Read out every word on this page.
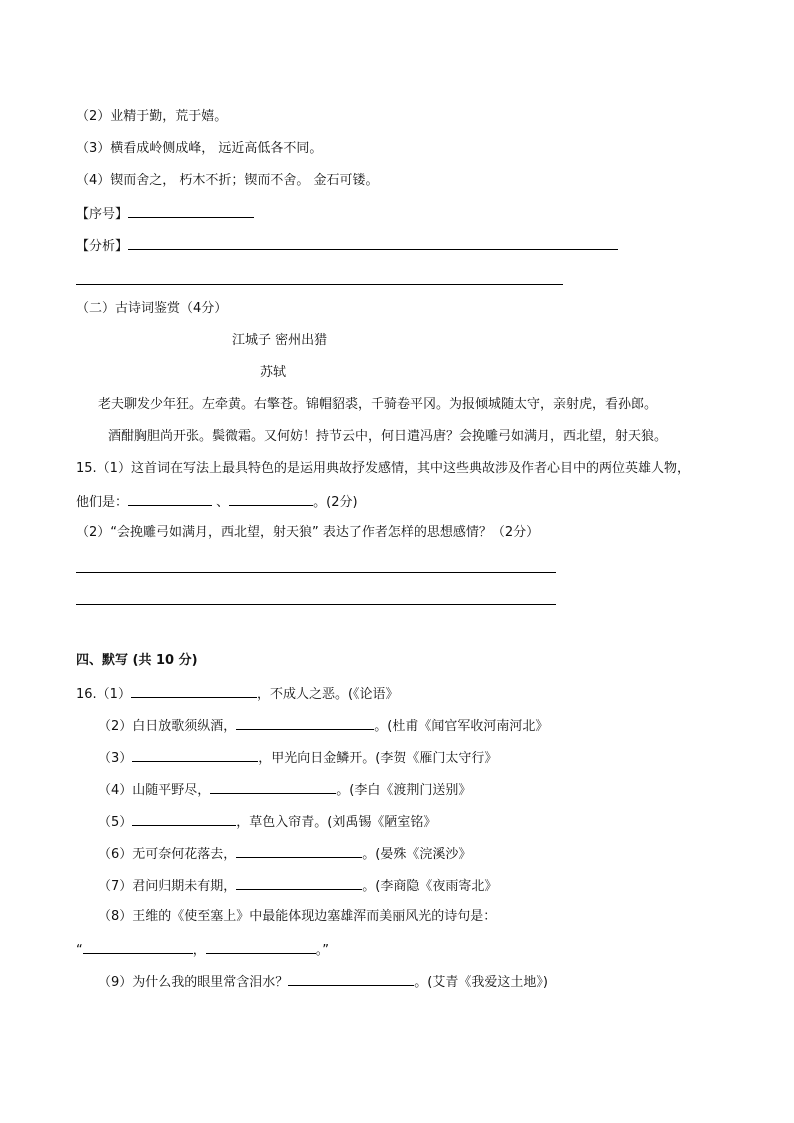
（2）业精于勤，荒于嬉。
（3）横看成岭侧成峰， 远近高低各不同。
（4）锲而舍之， 朽木不折；锲而不舍。 金石可镂。
【序号】
【分析】
（二）古诗词鉴赏（4分）
江城子 密州出猎
苏轼
老夫聊发少年狂。左牵黄。右擎苍。锦帽貂裘，千骑卷平冈。为报倾城随太守，亲射虎，看孙郎。
酒酣胸胆尚开张。鬓微霜。又何妨！持节云中，何日遣冯唐？会挽雕弓如满月，西北望，射天狼。
15.（1）这首词在写法上最具特色的是运用典故抒发感情，其中这些典故涉及作者心目中的两位英雄人物，
他们是：	、	。(2分)
（2）“会挽雕弓如满月，西北望，射天狼” 表达了作者怎样的思想感情？（2分）
四、默写 (共 10 分)
16.（1）	，不成人之恶。(《论语》
（2）白日放歌须纵酒，	。(杜甫《闻官军收河南河北》
（3）	，甲光向日金鳞开。(李贺《雁门太守行》
（4）山随平野尽，	。(李白《渡荆门送别》
（5）	，草色入帘青。(刘禹锡《陋室铭》
（6）无可奈何花落去，	。(晏殊《浣溪沙》
（7）君问归期未有期，	。(李商隐《夜雨寄北》
（8）王维的《使至塞上》中最能体现边塞雄浑而美丽风光的诗句是：
“	，	。”
（9）为什么我的眼里常含泪水？	。(艾青《我爱这土地》)
